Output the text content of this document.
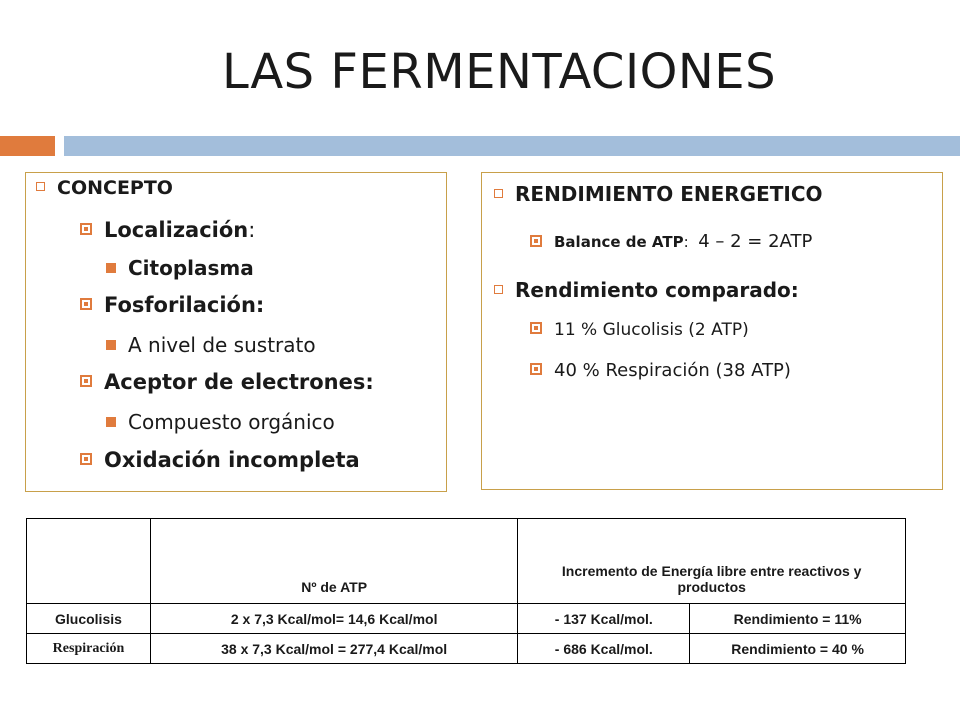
LAS FERMENTACIONES
CONCEPTO
Localización:
Citoplasma
Fosforilación:
A nivel de sustrato
Aceptor de electrones:
Compuesto orgánico
Oxidación incompleta
RENDIMIENTO ENERGETICO
Balance de ATP: 4 – 2 = 2ATP
Rendimiento comparado:
11 % Glucolisis (2 ATP)
40 % Respiración (38 ATP)
	Nº de ATP	Incremento de Energía libre entre reactivos y productos	
Glucolisis	2 x 7,3 Kcal/mol= 14,6 Kcal/mol	- 137 Kcal/mol.	Rendimiento = 11%
Respiración	38 x 7,3 Kcal/mol = 277,4 Kcal/mol	- 686 Kcal/mol.	Rendimiento = 40 %
